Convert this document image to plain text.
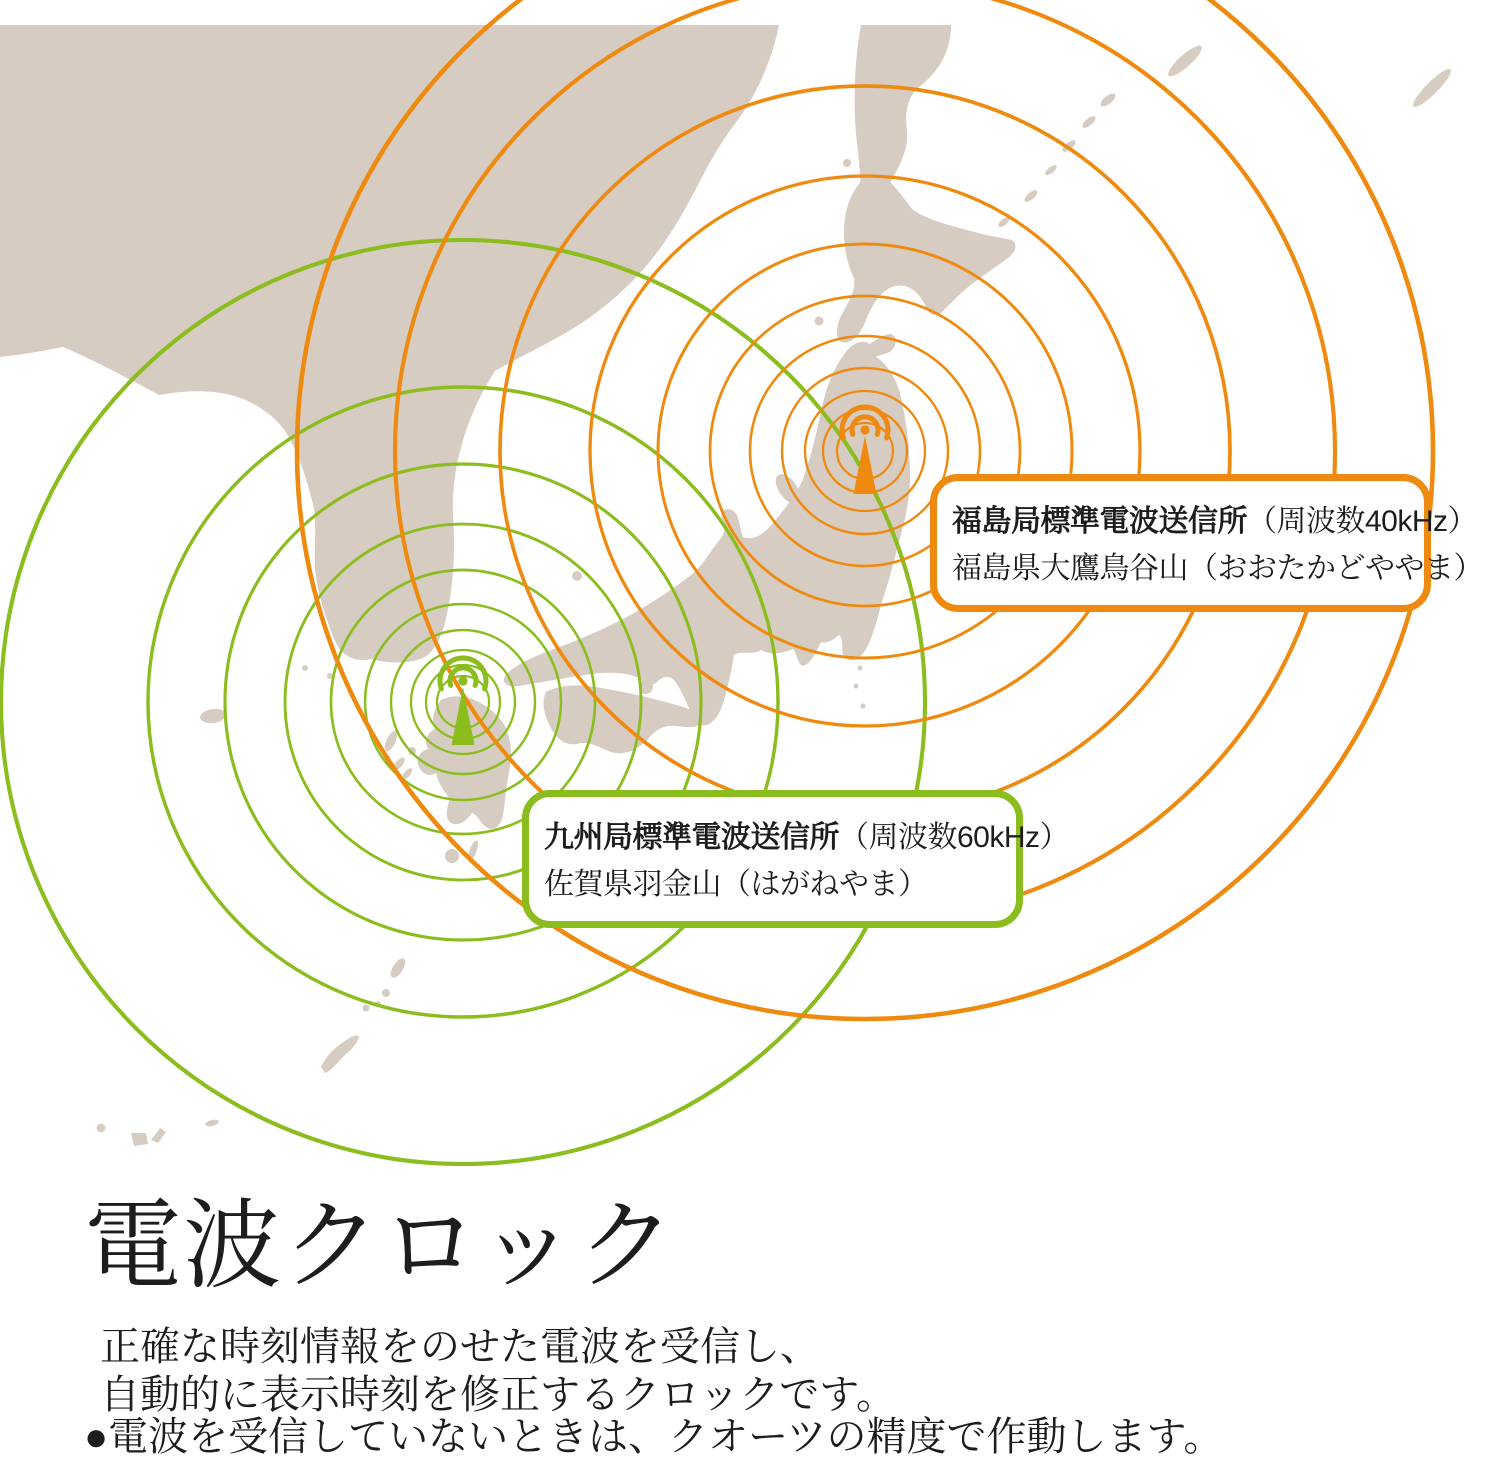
九州局標準電波送信所（周波数60kHz）
佐賀県羽金山（はがねやま）
福島局標準電波送信所（周波数40kHz）
福島県大鷹鳥谷山（おおたかどややま）
電波クロック
正確な時刻情報をのせた電波を受信し、
自動的に表示時刻を修正するクロックです。
●電波を受信していないときは、クオーツの精度で作動します。
